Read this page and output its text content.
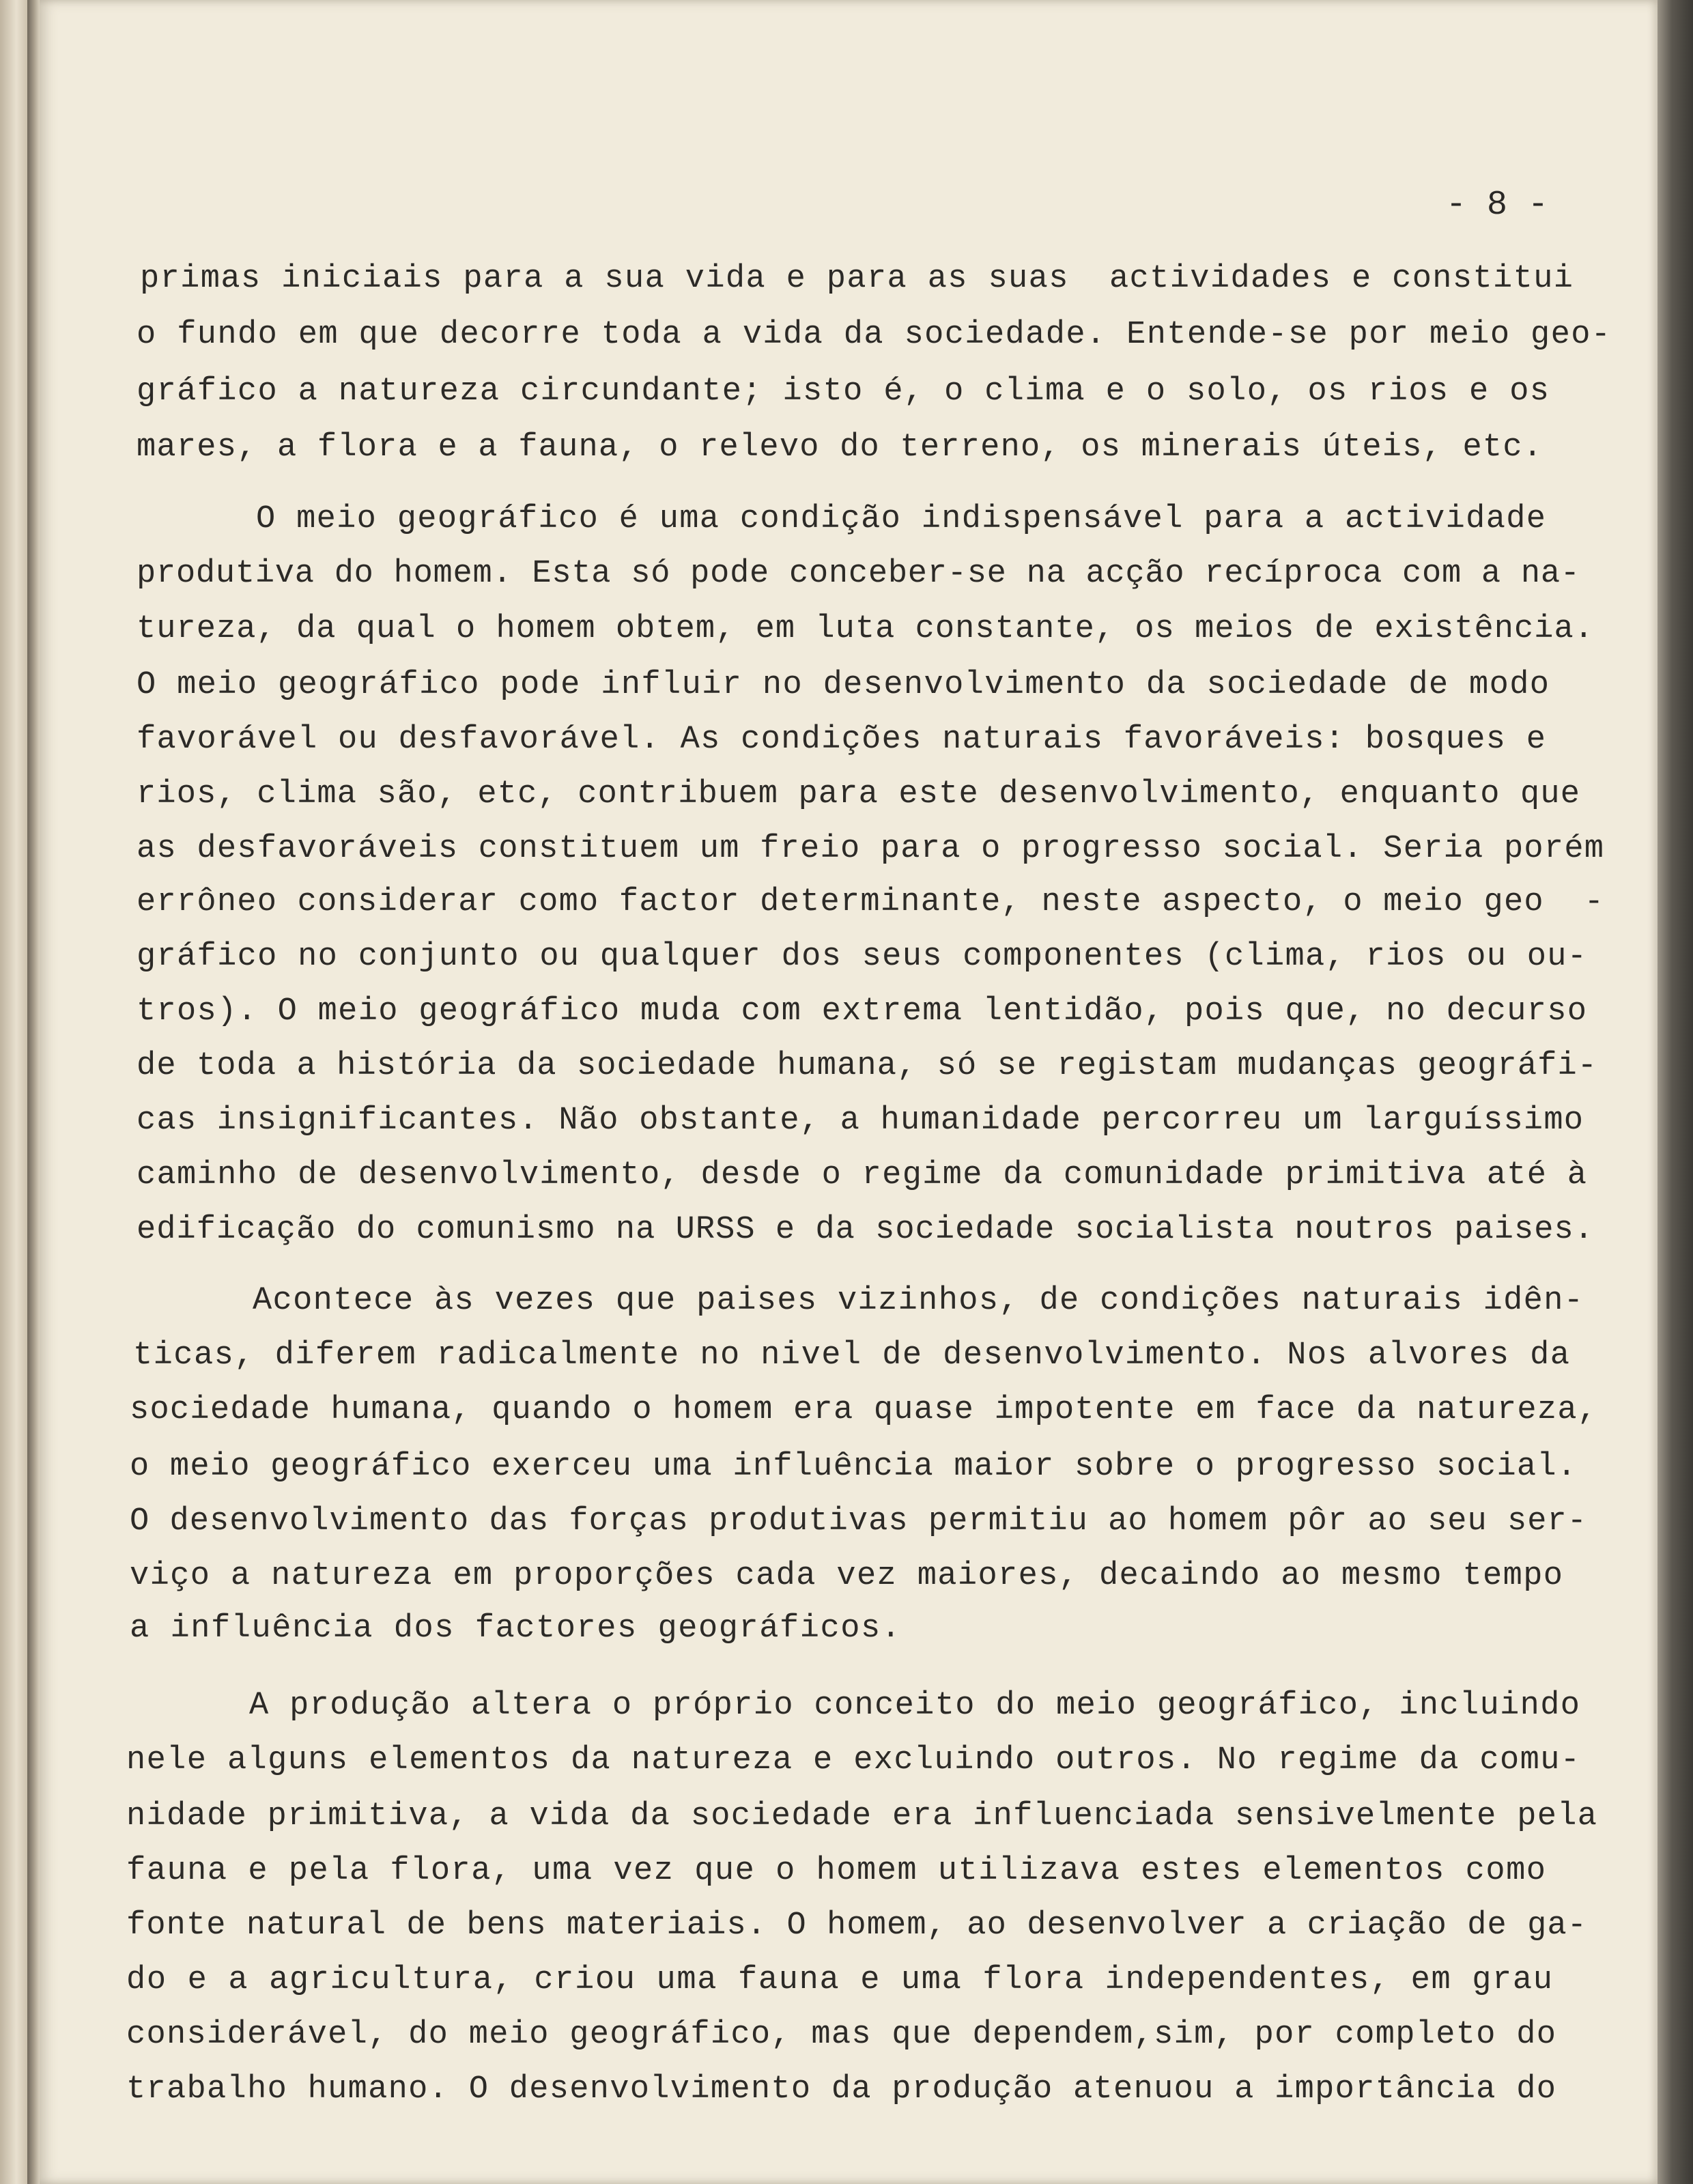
- 8 -
primas iniciais para a sua vida e para as suas  actividades e constitui
o fundo em que decorre toda a vida da sociedade. Entende-se por meio geo-
gráfico a natureza circundante; isto é, o clima e o solo, os rios e os
mares, a flora e a fauna, o relevo do terreno, os minerais úteis, etc.
O meio geográfico é uma condição indispensável para a actividade
produtiva do homem. Esta só pode conceber-se na acção recíproca com a na-
tureza, da qual o homem obtem, em luta constante, os meios de existência.
O meio geográfico pode influir no desenvolvimento da sociedade de modo
favorável ou desfavorável. As condições naturais favoráveis: bosques e
rios, clima são, etc, contribuem para este desenvolvimento, enquanto que
as desfavoráveis constituem um freio para o progresso social. Seria porém
errôneo considerar como factor determinante, neste aspecto, o meio geo  -
gráfico no conjunto ou qualquer dos seus componentes (clima, rios ou ou-
tros). O meio geográfico muda com extrema lentidão, pois que, no decurso
de toda a história da sociedade humana, só se registam mudanças geográfi-
cas insignificantes. Não obstante, a humanidade percorreu um larguíssimo
caminho de desenvolvimento, desde o regime da comunidade primitiva até à
edificação do comunismo na URSS e da sociedade socialista noutros paises.
Acontece às vezes que paises vizinhos, de condições naturais idên-
ticas, diferem radicalmente no nivel de desenvolvimento. Nos alvores da
sociedade humana, quando o homem era quase impotente em face da natureza,
o meio geográfico exerceu uma influência maior sobre o progresso social.
O desenvolvimento das forças produtivas permitiu ao homem pôr ao seu ser-
viço a natureza em proporções cada vez maiores, decaindo ao mesmo tempo
a influência dos factores geográficos.
A produção altera o próprio conceito do meio geográfico, incluindo
nele alguns elementos da natureza e excluindo outros. No regime da comu-
nidade primitiva, a vida da sociedade era influenciada sensivelmente pela
fauna e pela flora, uma vez que o homem utilizava estes elementos como
fonte natural de bens materiais. O homem, ao desenvolver a criação de ga-
do e a agricultura, criou uma fauna e uma flora independentes, em grau
considerável, do meio geográfico, mas que dependem,sim, por completo do
trabalho humano. O desenvolvimento da produção atenuou a importância do
